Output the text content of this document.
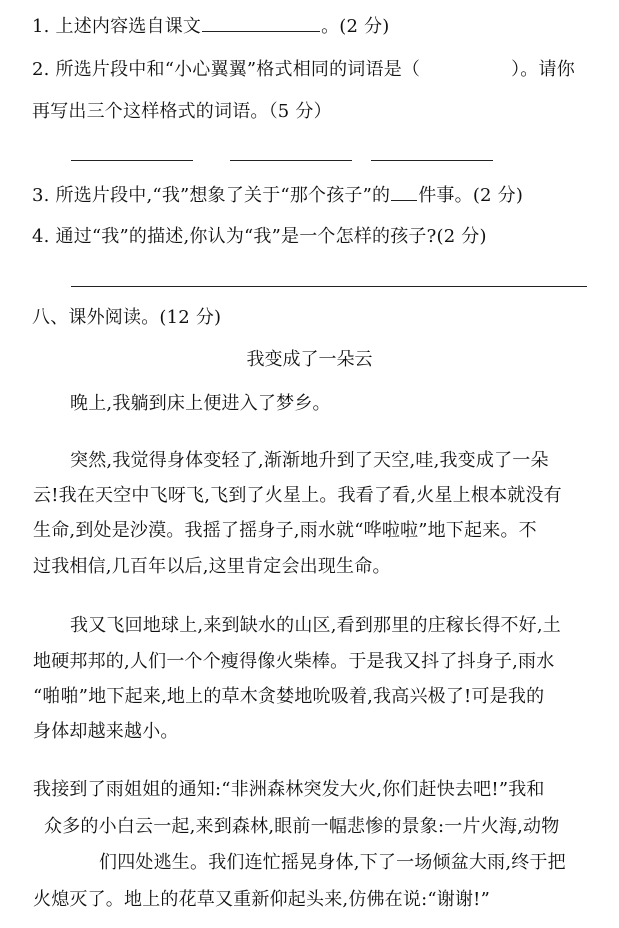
1. 上述内容选自课文	。(2 分)
2. 所选片段中和“小心翼翼”格式相同的词语是（　　　　　）。请你
再写出三个这样格式的词语。（5 分）
3. 所选片段中,“我”想象了关于“那个孩子”的 件事。(2 分)
4. 通过“我”的描述,你认为“我”是一个怎样的孩子?(2 分)
八、课外阅读。(12 分)
我变成了一朵云
晚上,我躺到床上便进入了梦乡。
突然,我觉得身体变轻了,渐渐地升到了天空,哇,我变成了一朵
云!我在天空中飞呀飞,飞到了火星上。我看了看,火星上根本就没有
生命,到处是沙漠。我摇了摇身子,雨水就“哗啦啦”地下起来。不
过我相信,几百年以后,这里肯定会出现生命。
我又飞回地球上,来到缺水的山区,看到那里的庄稼长得不好,土
地硬邦邦的,人们一个个瘦得像火柴棒。于是我又抖了抖身子,雨水
“啪啪”地下起来,地上的草木贪婪地吮吸着,我高兴极了!可是我的
身体却越来越小。
我接到了雨姐姐的通知:“非洲森林突发大火,你们赶快去吧!”我和
众多的小白云一起,来到森林,眼前一幅悲惨的景象:一片火海,动物
们四处逃生。我们连忙摇晃身体,下了一场倾盆大雨,终于把
火熄灭了。地上的花草又重新仰起头来,仿佛在说:“谢谢!”
